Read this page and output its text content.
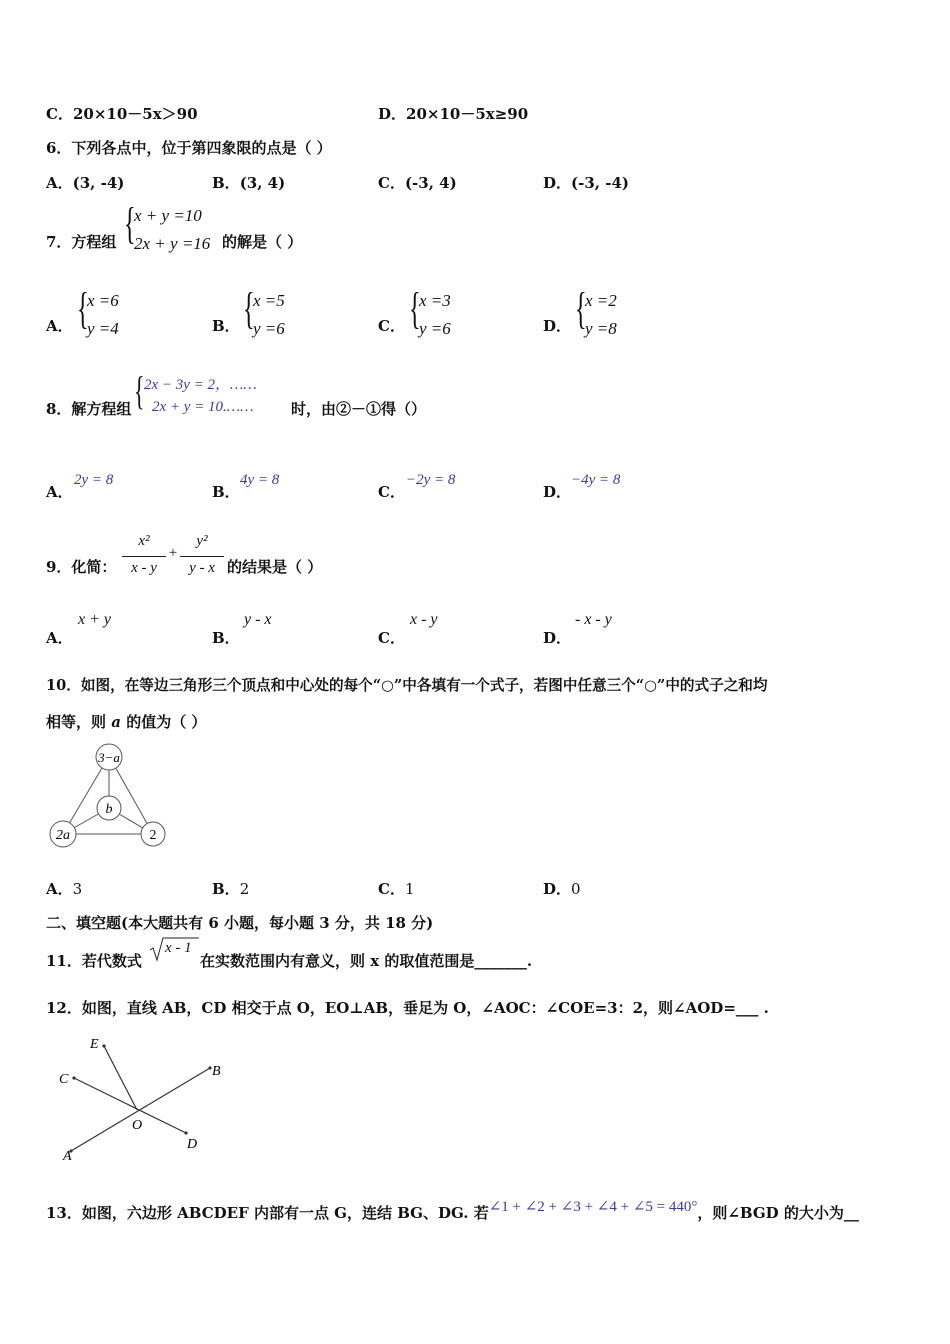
C．20×10－5x＞90	D．20×10－5x≥90
6．下列各点中，位于第四象限的点是（ ）
A．(3, -4)	B．(3, 4)	C．(-3, 4)	D．(-3, -4)
7．方程组 {
x + y =10
2x + y =16 的解是（ ）
A． {
x =6
y =4	B． {
x =5
y =6	C． {
x =3
y =6	D． {
x =2
y =8
8．解方程组 { 2x − 3y = 2，……
2x + y = 10.……	时，由②－①得（）
A．
2y = 8
B．
4y = 8
C．
−2y = 8
D．
−4y = 8
9．化简：
x²
x - y
+
y²
y - x 的结果是（ ）
A．
x + y
B．
y - x
C．
x - y
D．
- x - y
10．如图，在等边三角形三个顶点和中心处的每个“○”中各填有一个式子，若图中任意三个“○”中的式子之和均
相等，则 a 的值为（ ）
3−a
b
2a	2
A．3	B．2	C．1	D．0
二、填空题(本大题共有 6 小题，每小题 3 分，共 18 分)
11．若代数式
x - 1
在实数范围内有意义，则 x 的取值范围是_______.
12．如图，直线 AB，CD 相交于点 O，EO⊥AB，垂足为 O，∠AOC：∠COE=3：2，则∠AOD=___ .
E
C
B
O
A
D
13．如图，六边形 ABCDEF 内部有一点 G，连结 BG、DG. 若∠1 + ∠2 + ∠3 + ∠4 + ∠5 = 440°，则∠BGD 的大小为__
